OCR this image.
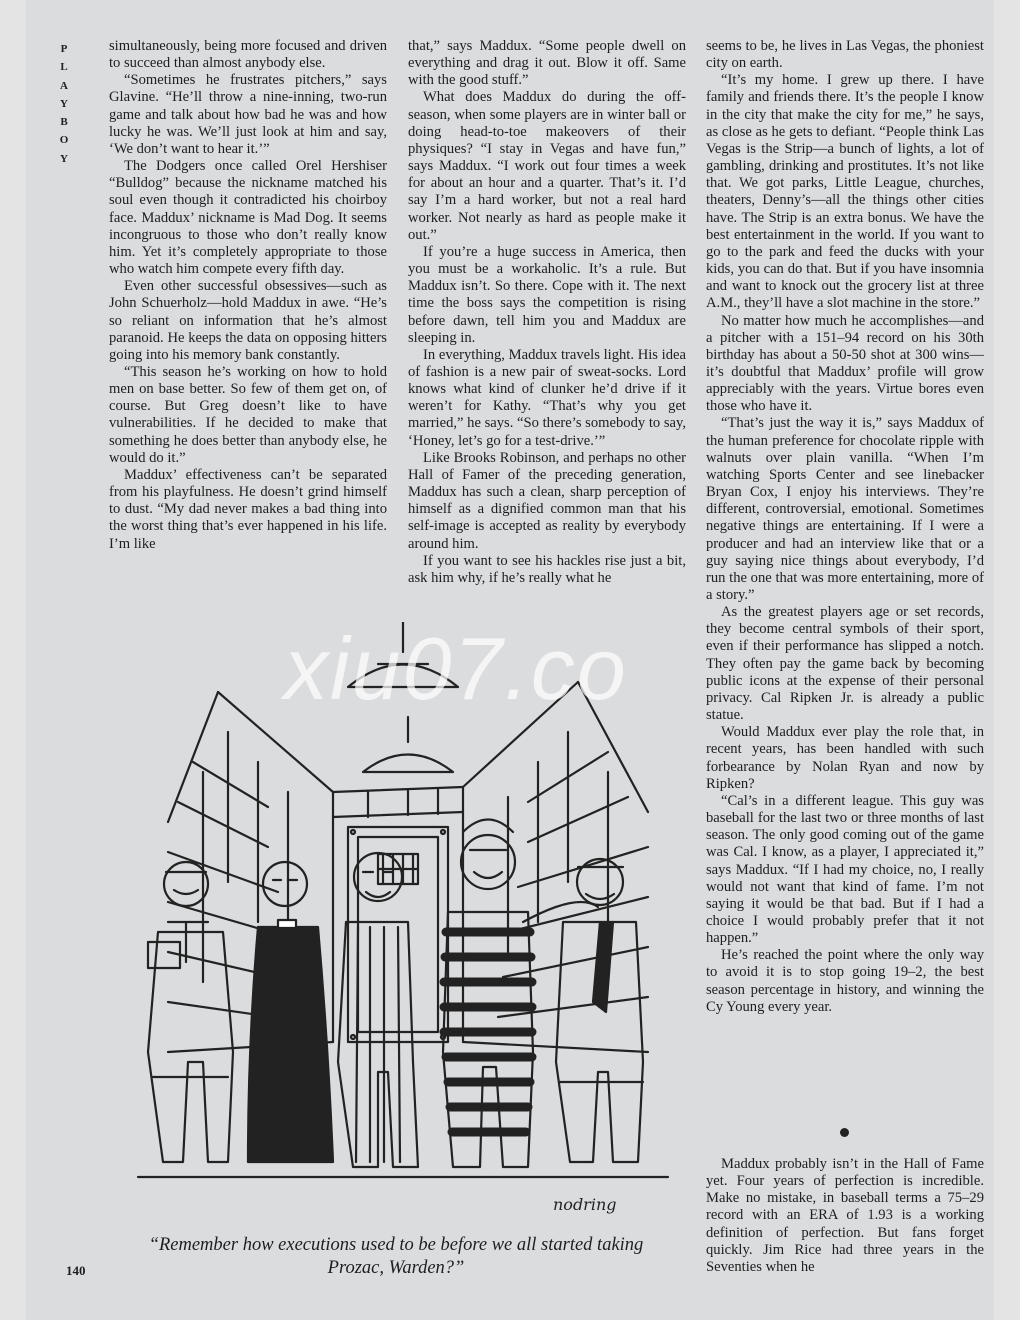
P
L
A
Y
B
O
Y

simultaneously, being more focused and driven to succeed than almost anybody else.

“Sometimes he frustrates pitchers,” says Glavine. “He’ll throw a nine-inning, two-run game and talk about how bad he was and how lucky he was. We’ll just look at him and say, ‘We don’t want to hear it.’”

The Dodgers once called Orel Hershiser “Bulldog” because the nickname matched his soul even though it contradicted his choirboy face. Maddux’ nickname is Mad Dog. It seems incongruous to those who don’t really know him. Yet it’s completely appropriate to those who watch him compete every fifth day.

Even other successful obsessives—such as John Schuerholz—hold Maddux in awe. “He’s so reliant on information that he’s almost paranoid. He keeps the data on opposing hitters going into his memory bank constantly.

“This season he’s working on how to hold men on base better. So few of them get on, of course. But Greg doesn’t like to have vulnerabilities. If he decided to make that something he does better than anybody else, he would do it.”

Maddux’ effectiveness can’t be separated from his playfulness. He doesn’t grind himself to dust. “My dad never makes a bad thing into the worst thing that’s ever happened in his life. I’m like

that,” says Maddux. “Some people dwell on everything and drag it out. Blow it off. Same with the good stuff.”

What does Maddux do during the off-season, when some players are in winter ball or doing head-to-toe makeovers of their physiques? “I stay in Vegas and have fun,” says Maddux. “I work out four times a week for about an hour and a quarter. That’s it. I’d say I’m a hard worker, but not a real hard worker. Not nearly as hard as people make it out.”

If you’re a huge success in America, then you must be a workaholic. It’s a rule. But Maddux isn’t. So there. Cope with it. The next time the boss says the competition is rising before dawn, tell him you and Maddux are sleeping in.

In everything, Maddux travels light. His idea of fashion is a new pair of sweat-socks. Lord knows what kind of clunker he’d drive if it weren’t for Kathy. “That’s why you get married,” he says. “So there’s somebody to say, ‘Honey, let’s go for a test-drive.’”

Like Brooks Robinson, and perhaps no other Hall of Famer of the preceding generation, Maddux has such a clean, sharp perception of himself as a dignified common man that his self-image is accepted as reality by everybody around him.

If you want to see his hackles rise just a bit, ask him why, if he’s really what he

seems to be, he lives in Las Vegas, the phoniest city on earth.

“It’s my home. I grew up there. I have family and friends there. It’s the people I know in the city that make the city for me,” he says, as close as he gets to defiant. “People think Las Vegas is the Strip—a bunch of lights, a lot of gambling, drinking and prostitutes. It’s not like that. We got parks, Little League, churches, theaters, Denny’s—all the things other cities have. The Strip is an extra bonus. We have the best entertainment in the world. If you want to go to the park and feed the ducks with your kids, you can do that. But if you have insomnia and want to knock out the grocery list at three A.M., they’ll have a slot machine in the store.”

No matter how much he accomplishes—and a pitcher with a 151–94 record on his 30th birthday has about a 50-50 shot at 300 wins—it’s doubtful that Maddux’ profile will grow appreciably with the years. Virtue bores even those who have it.

“That’s just the way it is,” says Maddux of the human preference for chocolate ripple with walnuts over plain vanilla. “When I’m watching Sports Center and see linebacker Bryan Cox, I enjoy his interviews. They’re different, controversial, emotional. Sometimes negative things are entertaining. If I were a producer and had an interview like that or a guy saying nice things about everybody, I’d run the one that was more entertaining, more of a story.”

As the greatest players age or set records, they become central symbols of their sport, even if their performance has slipped a notch. They often pay the game back by becoming public icons at the expense of their personal privacy. Cal Ripken Jr. is already a public statue.

Would Maddux ever play the role that, in recent years, has been handled with such forbearance by Nolan Ryan and now by Ripken?

“Cal’s in a different league. This guy was baseball for the last two or three months of last season. The only good coming out of the game was Cal. I know, as a player, I appreciated it,” says Maddux. “If I had my choice, no, I really would not want that kind of fame. I’m not saying it would be that bad. But if I had a choice I would probably prefer that it not happen.”

He’s reached the point where the only way to avoid it is to stop going 19–2, the best season percentage in history, and winning the Cy Young every year.

Maddux probably isn’t in the Hall of Fame yet. Four years of perfection is incredible. Make no mistake, in baseball terms a 75–29 record with an ERA of 1.93 is a working definition of perfection. But fans forget quickly. Jim Rice had three years in the Seventies when he

nodring
“Remember how executions used to be before we all started taking Prozac, Warden?”
140
xiu07.co
